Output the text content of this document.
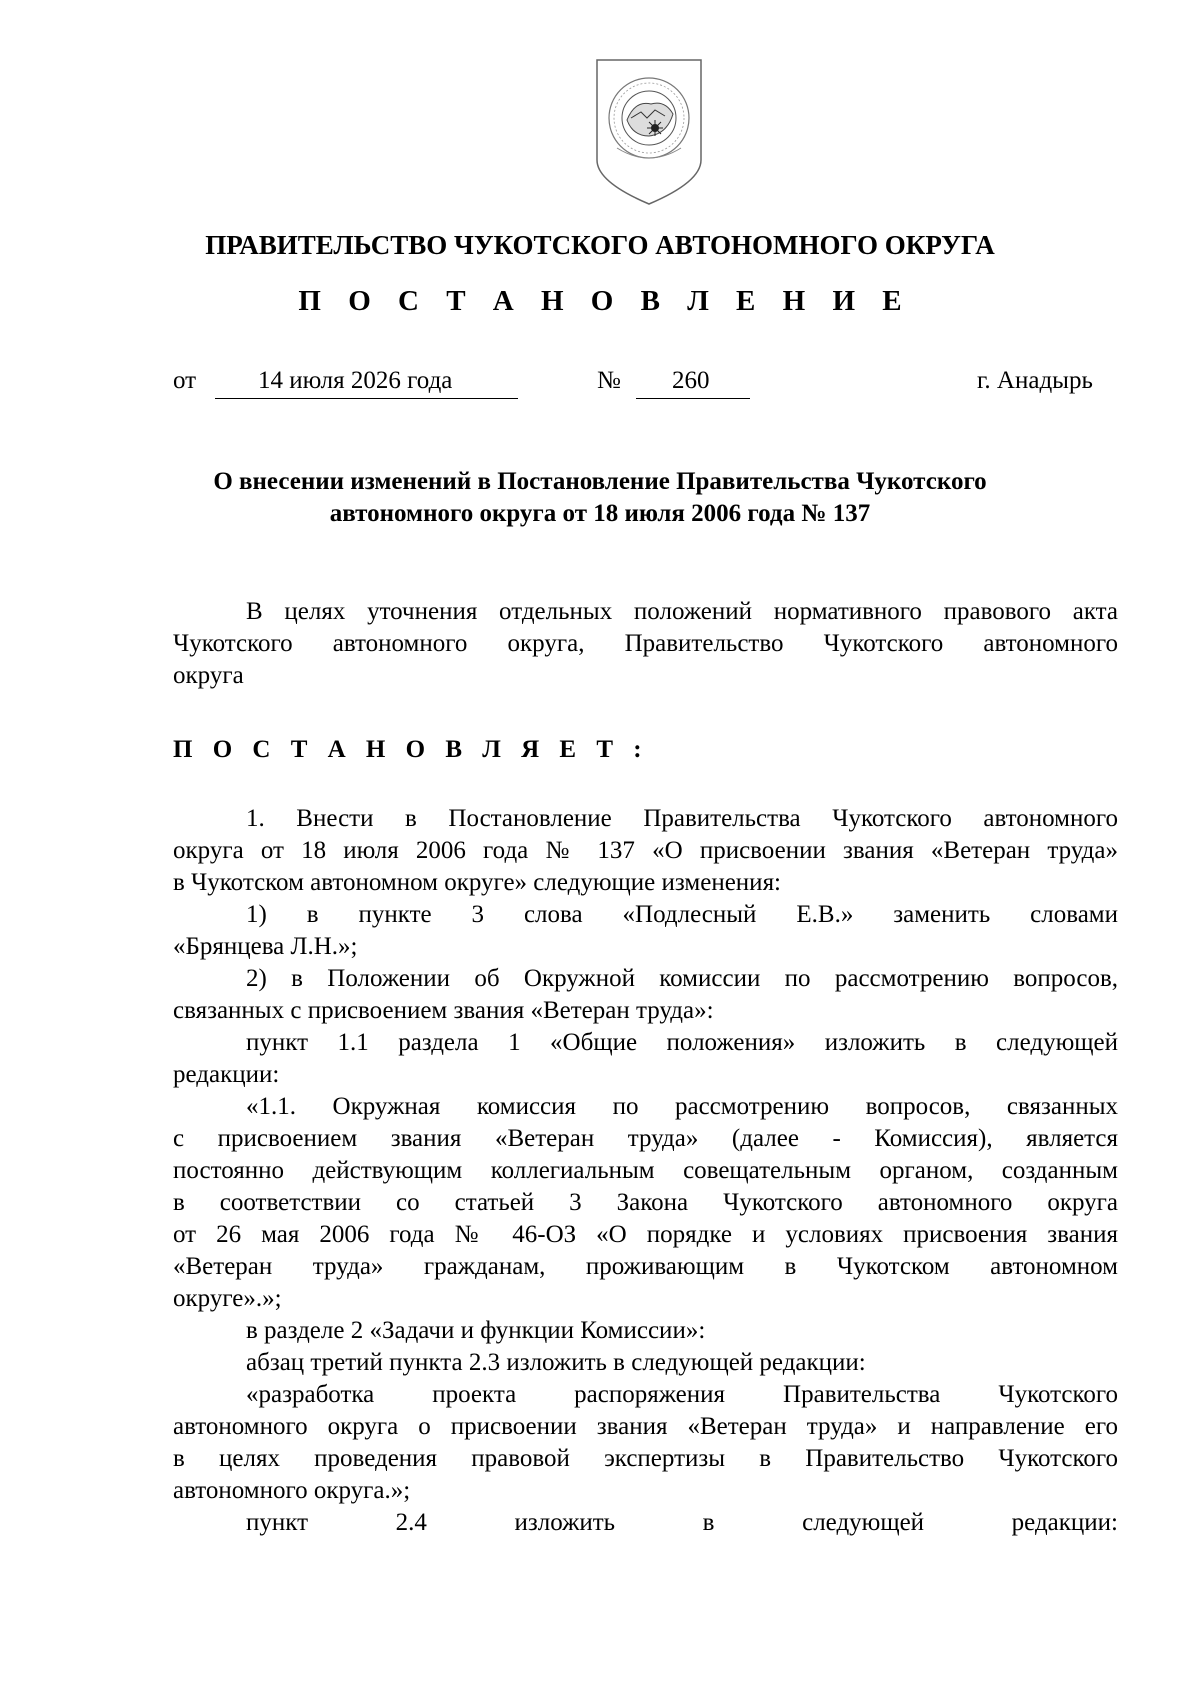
ПРАВИТЕЛЬСТВО ЧУКОТСКОГО АВТОНОМНОГО ОКРУГА
П О С Т А Н О В Л Е Н И Е
от 14 июля 2026 года	№ 260	г. Анадырь
О внесении изменений в Постановление Правительства Чукотского
автономного округа от 18 июля 2006 года № 137
В целях уточнения отдельных положений нормативного правового акта
Чукотского автономного округа, Правительство Чукотского автономного
округа
П О С Т А Н О В Л Я Е Т :
1. Внести в Постановление Правительства Чукотского автономного
округа от 18 июля 2006 года № 137 «О присвоении звания «Ветеран труда»
в Чукотском автономном округе» следующие изменения:
1) в пункте 3 слова «Подлесный Е.В.» заменить словами
«Брянцева Л.Н.»;
2) в Положении об Окружной комиссии по рассмотрению вопросов,
связанных с присвоением звания «Ветеран труда»:
пункт 1.1 раздела 1 «Общие положения» изложить в следующей
редакции:
«1.1. Окружная комиссия по рассмотрению вопросов, связанных
с присвоением звания «Ветеран труда» (далее - Комиссия), является
постоянно действующим коллегиальным совещательным органом, созданным
в соответствии со статьей 3 Закона Чукотского автономного округа
от 26 мая 2006 года № 46-ОЗ «О порядке и условиях присвоения звания
«Ветеран труда» гражданам, проживающим в Чукотском автономном
округе».»;
в разделе 2 «Задачи и функции Комиссии»:
абзац третий пункта 2.3 изложить в следующей редакции:
«разработка проекта распоряжения Правительства Чукотского
автономного округа о присвоении звания «Ветеран труда» и направление его
в целях проведения правовой экспертизы в Правительство Чукотского
автономного округа.»;
пункт 2.4 изложить в следующей редакции:
